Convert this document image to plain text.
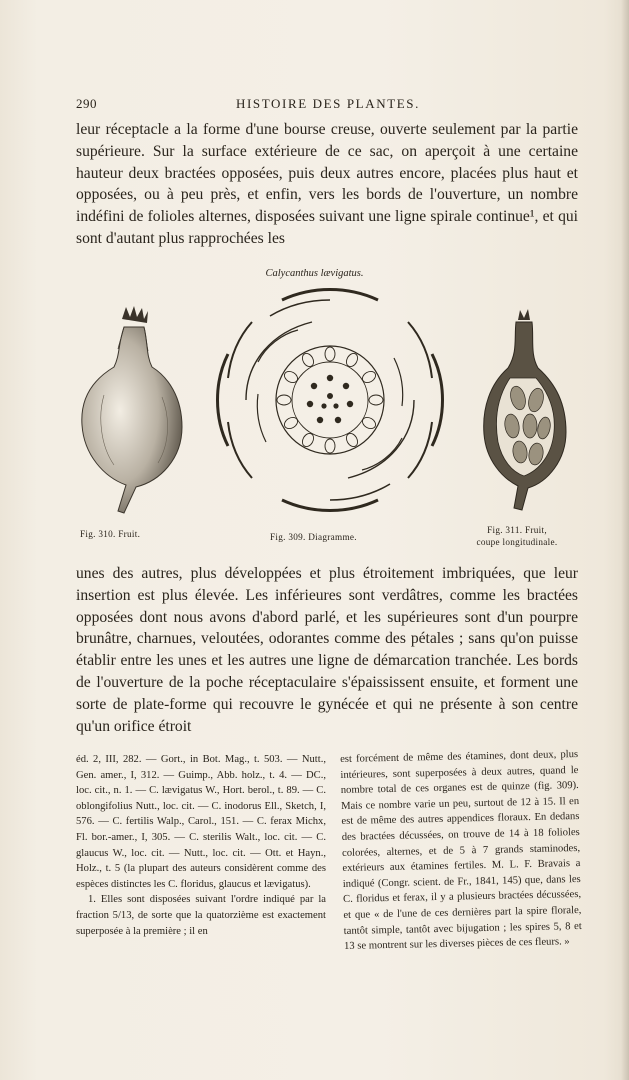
290	HISTOIRE DES PLANTES.

leur réceptacle a la forme d'une bourse creuse, ouverte seulement par la partie supérieure. Sur la surface extérieure de ce sac, on aperçoit à une certaine hauteur deux bractées opposées, puis deux autres encore, placées plus haut et opposées, ou à peu près, et enfin, vers les bords de l'ouverture, un nombre indéfini de folioles alternes, disposées suivant une ligne spirale continue¹, et qui sont d'autant plus rapprochées les

Calycanthus lævigatus.
Fig. 310. Fruit.	Fig. 309. Diagramme.
Fig. 311. Fruit,
coupe longitudinale.

unes des autres, plus développées et plus étroitement imbriquées, que leur insertion est plus élevée. Les inférieures sont verdâtres, comme les bractées opposées dont nous avons d'abord parlé, et les supérieures sont d'un pourpre brunâtre, charnues, veloutées, odorantes comme des pétales ; sans qu'on puisse établir entre les unes et les autres une ligne de démarcation tranchée. Les bords de l'ouverture de la poche réceptaculaire s'épaississent ensuite, et forment une sorte de plate-forme qui recouvre le gynécée et qui ne présente à son centre qu'un orifice étroit

éd. 2, III, 282. — Gort., in Bot. Mag., t. 503. — Nutt., Gen. amer., I, 312. — Guimp., Abb. holz., t. 4. — DC., loc. cit., n. 1. — C. lævigatus W., Hort. berol., t. 89. — C. oblongifolius Nutt., loc. cit. — C. inodorus Ell., Sketch, I, 576. — C. fertilis Walp., Carol., 151. — C. ferax Michx, Fl. bor.-amer., I, 305. — C. sterilis Walt., loc. cit. — C. glaucus W., loc. cit. — Nutt., loc. cit. — Ott. et Hayn., Holz., t. 5 (la plupart des auteurs considèrent comme des espèces distinctes les C. floridus, glaucus et lævigatus).

1. Elles sont disposées suivant l'ordre indiqué par la fraction 5/13, de sorte que la quatorzième est exactement superposée à la première ; il en

est forcément de même des étamines, dont deux, plus intérieures, sont superposées à deux autres, quand le nombre total de ces organes est de quinze (fig. 309). Mais ce nombre varie un peu, surtout de 12 à 15. Il en est de même des autres appendices floraux. En dedans des bractées décussées, on trouve de 14 à 18 folioles colorées, alternes, et de 5 à 7 grands staminodes, extérieurs aux étamines fertiles. M. L. F. Bravais a indiqué (Congr. scient. de Fr., 1841, 145) que, dans les C. floridus et ferax, il y a plusieurs bractées décussées, et que « de l'une de ces dernières part la spire florale, tantôt simple, tantôt avec bijugation ; les spires 5, 8 et 13 se montrent sur les diverses pièces de ces fleurs. »
